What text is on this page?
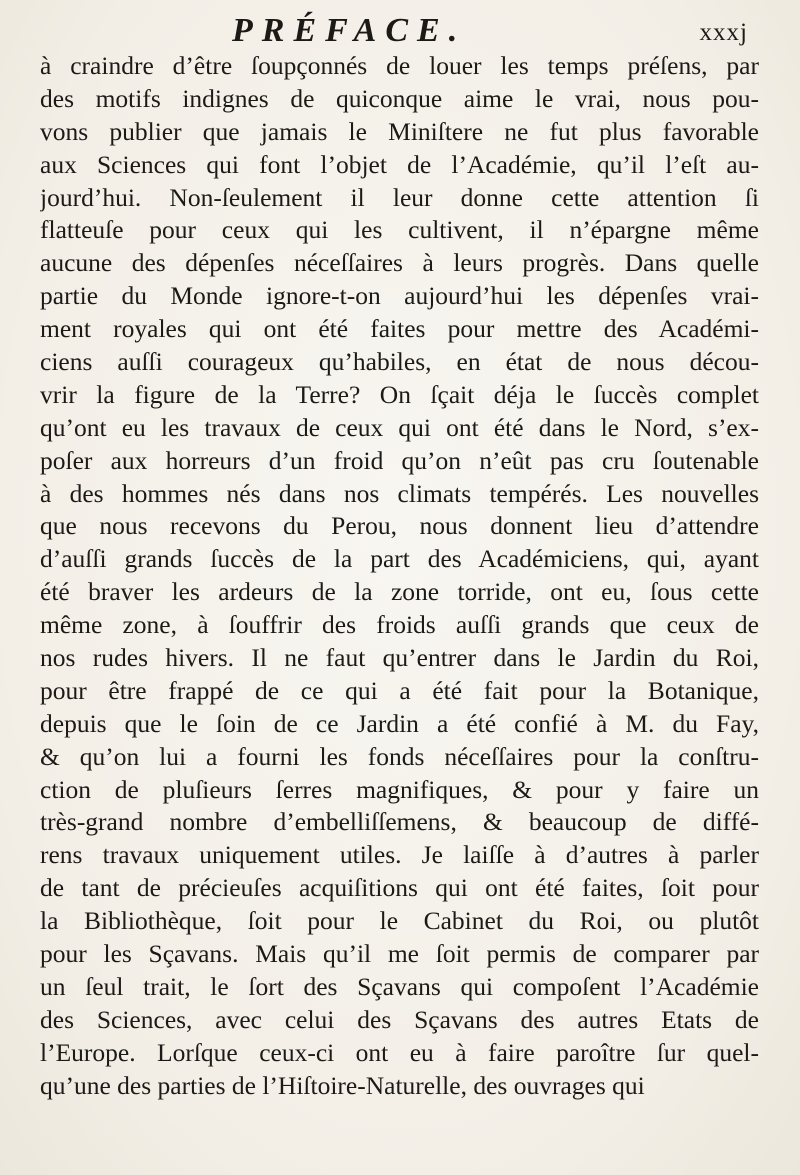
PRÉFACE.	xxxj
à craindre d’être ſoupçonnés de louer les temps préſens, par
des motifs indignes de quiconque aime le vrai, nous pou-
vons publier que jamais le Miniſtere ne fut plus favorable
aux Sciences qui font l’objet de l’Académie, qu’il l’eſt au-
jourd’hui. Non-ſeulement il leur donne cette attention ſi
flatteuſe pour ceux qui les cultivent, il n’épargne même
aucune des dépenſes néceſſaires à leurs progrès. Dans quelle
partie du Monde ignore-t-on aujourd’hui les dépenſes vrai-
ment royales qui ont été faites pour mettre des Académi-
ciens auſſi courageux qu’habiles, en état de nous décou-
vrir la figure de la Terre? On ſçait déja le ſuccès complet
qu’ont eu les travaux de ceux qui ont été dans le Nord, s’ex-
poſer aux horreurs d’un froid qu’on n’eût pas cru ſoutenable
à des hommes nés dans nos climats tempérés. Les nouvelles
que nous recevons du Perou, nous donnent lieu d’attendre
d’auſſi grands ſuccès de la part des Académiciens, qui, ayant
été braver les ardeurs de la zone torride, ont eu, ſous cette
même zone, à ſouffrir des froids auſſi grands que ceux de
nos rudes hivers. Il ne faut qu’entrer dans le Jardin du Roi,
pour être frappé de ce qui a été fait pour la Botanique,
depuis que le ſoin de ce Jardin a été confié à M. du Fay,
& qu’on lui a fourni les fonds néceſſaires pour la conſtru-
ction de pluſieurs ſerres magnifiques, & pour y faire un
très-grand nombre d’embelliſſemens, & beaucoup de diffé-
rens travaux uniquement utiles. Je laiſſe à d’autres à parler
de tant de précieuſes acquiſitions qui ont été faites, ſoit pour
la Bibliothèque, ſoit pour le Cabinet du Roi, ou plutôt
pour les Sçavans. Mais qu’il me ſoit permis de comparer par
un ſeul trait, le ſort des Sçavans qui compoſent l’Académie
des Sciences, avec celui des Sçavans des autres Etats de
l’Europe. Lorſque ceux-ci ont eu à faire paroître ſur quel-
qu’une des parties de l’Hiſtoire-Naturelle, des ouvrages qui
